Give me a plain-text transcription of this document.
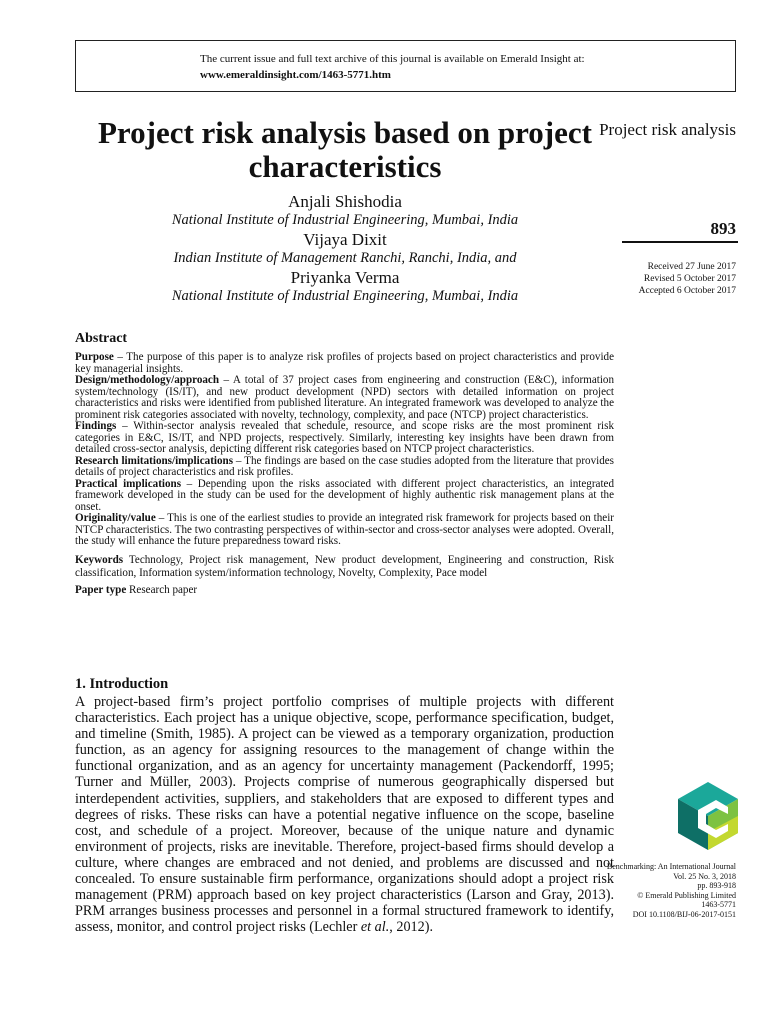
The current issue and full text archive of this journal is available on Emerald Insight at:
www.emeraldinsight.com/1463-5771.htm
Project risk analysis based on project characteristics
Anjali Shishodia
National Institute of Industrial Engineering, Mumbai, India
Vijaya Dixit
Indian Institute of Management Ranchi, Ranchi, India, and
Priyanka Verma
National Institute of Industrial Engineering, Mumbai, India
Project risk analysis
893
Received 27 June 2017
Revised 5 October 2017
Accepted 6 October 2017
Abstract

Purpose – The purpose of this paper is to analyze risk profiles of projects based on project characteristics and provide key managerial insights.

Design/methodology/approach – A total of 37 project cases from engineering and construction (E&C), information system/technology (IS/IT), and new product development (NPD) sectors with detailed information on project characteristics and risks were identified from published literature. An integrated framework was developed to analyze the prominent risk categories associated with novelty, technology, complexity, and pace (NTCP) project characteristics.

Findings – Within-sector analysis revealed that schedule, resource, and scope risks are the most prominent risk categories in E&C, IS/IT, and NPD projects, respectively. Similarly, interesting key insights have been drawn from detailed cross-sector analysis, depicting different risk categories based on NTCP project characteristics.

Research limitations/implications – The findings are based on the case studies adopted from the literature that provides details of project characteristics and risk profiles.

Practical implications – Depending upon the risks associated with different project characteristics, an integrated framework developed in the study can be used for the development of highly authentic risk management plans at the onset.

Originality/value – This is one of the earliest studies to provide an integrated risk framework for projects based on their NTCP characteristics. The two contrasting perspectives of within-sector and cross-sector analyses were adopted. Overall, the study will enhance the future preparedness toward risks.

Keywords Technology, Project risk management, New product development, Engineering and construction, Risk classification, Information system/information technology, Novelty, Complexity, Pace model

Paper type Research paper

1. Introduction

A project-based firm’s project portfolio comprises of multiple projects with different characteristics. Each project has a unique objective, scope, performance specification, budget, and timeline (Smith, 1985). A project can be viewed as a temporary organization, production function, as an agency for assigning resources to the management of change within the functional organization, and as an agency for uncertainty management (Packendorff, 1995; Turner and Müller, 2003). Projects comprise of numerous geographically dispersed but interdependent activities, suppliers, and stakeholders that are exposed to different types and degrees of risks. These risks can have a potential negative influence on the scope, baseline cost, and schedule of a project. Moreover, because of the unique nature and dynamic environment of projects, risks are inevitable. Therefore, project-based firms should develop a culture, where changes are embraced and not denied, and problems are discussed and not concealed. To ensure sustainable firm performance, organizations should adopt a project risk management (PRM) approach based on key project characteristics (Larson and Gray, 2013). PRM arranges business processes and personnel in a formal structured framework to identify, assess, monitor, and control project risks (Lechler et al., 2012).

Benchmarking: An International Journal
Vol. 25 No. 3, 2018
pp. 893-918
© Emerald Publishing Limited
1463-5771
DOI 10.1108/BIJ-06-2017-0151
